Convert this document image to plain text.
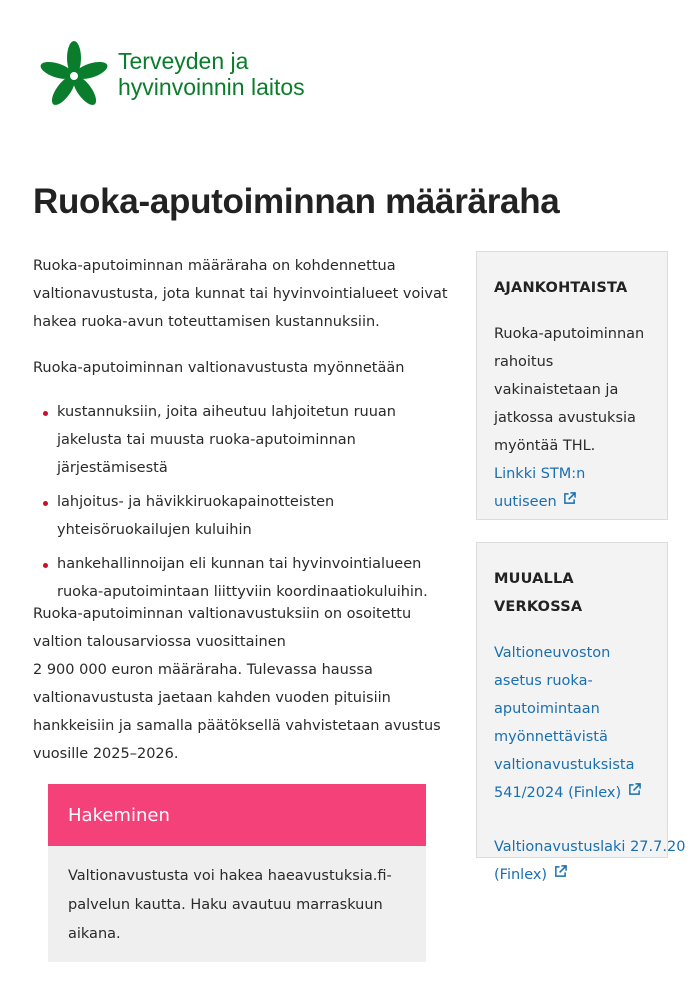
Terveyden ja
hyvinvoinnin laitos
Ruoka-aputoiminnan määräraha

Ruoka-aputoiminnan määräraha on kohdennettua valtionavustusta, jota kunnat tai hyvinvointialueet voivat hakea ruoka-avun toteuttamisen kustannuksiin.

Ruoka-aputoiminnan valtionavustusta myönnetään

kustannuksiin, joita aiheutuu lahjoitetun ruuan jakelusta tai muusta ruoka-aputoiminnan järjestämisestä
lahjoitus- ja hävikkiruokapainotteisten yhteisöruokailujen kuluihin
hankehallinnoijan eli kunnan tai hyvinvointialueen ruoka-aputoimintaan liittyviin koordinaatiokuluihin.
Ruoka-aputoiminnan valtionavustuksiin on osoitettu valtion talousarviossa vuosittainen
2 900 000 euron määräraha. Tulevassa haussa valtionavustusta jaetaan kahden vuoden pituisiin hankkeisiin ja samalla päätöksellä vahvistetaan avustus vuosille 2025–2026.
Hakeminen
Valtionavustusta voi hakea haeavustuksia.fi-palvelun kautta. Haku avautuu marraskuun aikana.
AJANKOHTAISTA
Ruoka-aputoiminnan rahoitus vakinaistetaan ja jatkossa avustuksia myöntää THL.
Linkki STM:n uutiseen
MUUALLA VERKOSSA
Valtioneuvoston asetus ruoka-aputoimintaan myönnettävistä valtionavustuksista 541/2024 (Finlex)
Valtionavustuslaki 27.7.20
(Finlex)
